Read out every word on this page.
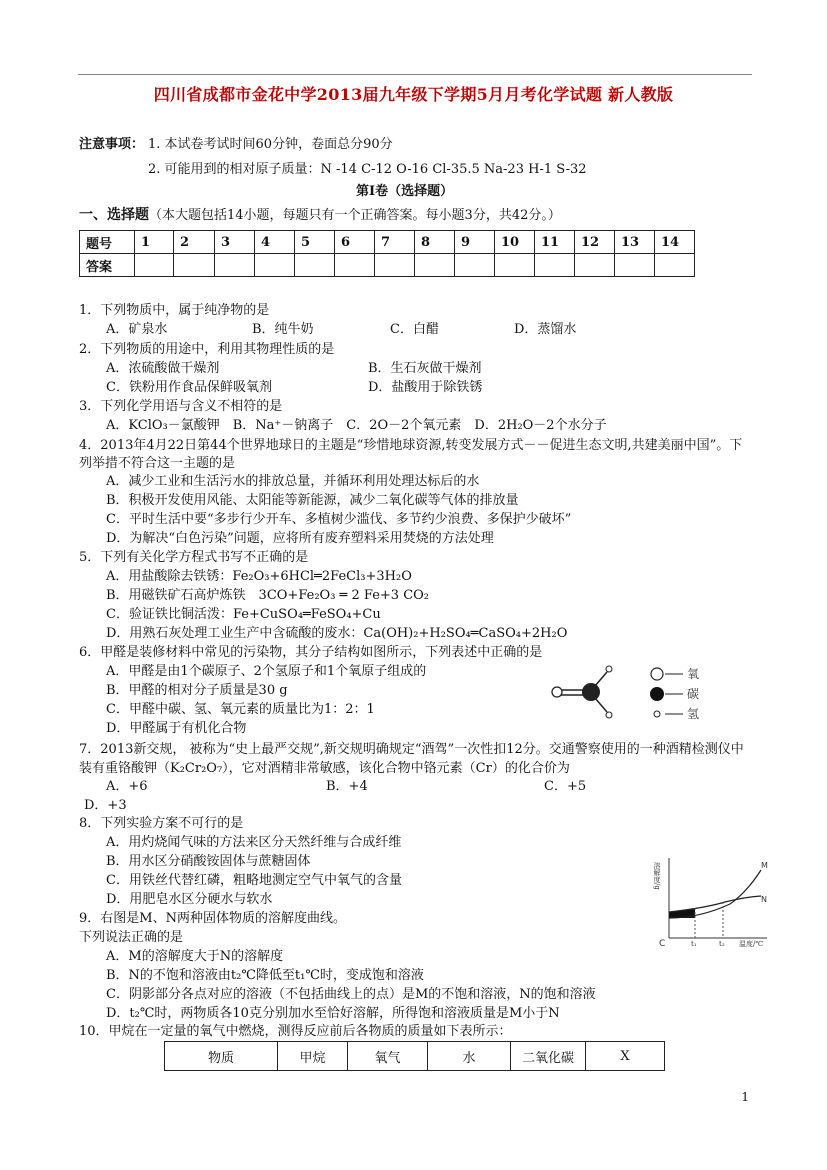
四川省成都市金花中学2013届九年级下学期5月月考化学试题 新人教版
注意事项： 1. 本试卷考试时间60分钟，卷面总分90分
2. 可能用到的相对原子质量：N -14 C-12 O-16 Cl-35.5 Na-23 H-1 S-32
第Ⅰ卷（选择题）
一、选择题（本大题包括14小题，每题只有一个正确答案。每小题3分，共42分。）
题号	1	2	3	4	5	6	7	8	9	10	11	12	13	14
答案														
1．下列物质中，属于纯净物的是
A．矿泉水	B．纯牛奶	C．白醋	D．蒸馏水
2．下列物质的用途中，利用其物理性质的是
A．浓硫酸做干燥剂	B．生石灰做干燥剂
C．铁粉用作食品保鲜吸氧剂	D．盐酸用于除铁锈
3．下列化学用语与含义不相符的是
A．KClO₃－氯酸钾　B．Na⁺－钠离子　C．2O－2个氧元素　D．2H₂O－2个水分子
4．2013年4月22日第44个世界地球日的主题是“珍惜地球资源,转变发展方式－－促进生态文明,共建美丽中国”。下列举措不符合这一主题的是
A．减少工业和生活污水的排放总量，并循环利用处理达标后的水
B．积极开发使用风能、太阳能等新能源，减少二氧化碳等气体的排放量
C．平时生活中要“多步行少开车、多植树少滥伐、多节约少浪费、多保护少破坏”
D．为解决“白色污染”问题，应将所有废弃塑料采用焚烧的方法处理
5．下列有关化学方程式书写不正确的是
A．用盐酸除去铁锈：Fe₂O₃+6HCl═2FeCl₃+3H₂O
B．用磁铁矿石高炉炼铁　3CO+Fe₂O₃ ═ 2 Fe+3 CO₂
C．验证铁比铜活泼：Fe+CuSO₄═FeSO₄+Cu
D．用熟石灰处理工业生产中含硫酸的废水：Ca(OH)₂+H₂SO₄═CaSO₄+2H₂O
6．甲醛是装修材料中常见的污染物，其分子结构如图所示，下列表述中正确的是
A．甲醛是由1个碳原子、2个氢原子和1个氧原子组成的
B．甲醛的相对分子质量是30 g
C．甲醛中碳、氢、氧元素的质量比为1：2：1
D．甲醛属于有机化合物
氧
碳
氢
7．2013新交规， 被称为“史上最严交规”,新交规明确规定“酒驾”一次性扣12分。交通警察使用的一种酒精检测仪中装有重铬酸钾（K₂Cr₂O₇），它对酒精非常敏感，该化合物中铬元素（Cr）的化合价为
A．+6	B．+4	C．+5
D．+3
8．下列实验方案不可行的是
A．用灼烧闻气味的方法来区分天然纤维与合成纤维
B．用水区分硝酸铵固体与蔗糖固体
C．用铁丝代替红磷，粗略地测定空气中氧气的含量
D．用肥皂水区分硬水与软水
9．右图是M、N两种固体物质的溶解度曲线。
下列说法正确的是
A．M的溶解度大于N的溶解度
B．N的不饱和溶液由t₂℃降低至t₁℃时，变成饱和溶液
C．阴影部分各点对应的溶液（不包括曲线上的点）是M的不饱和溶液，N的饱和溶液
D．t₂℃时，两物质各10克分别加水至恰好溶解，所得饱和溶液质量是M小于N
溶解度/g
C	t₁	t₂ 温度/℃
M
N
10．甲烷在一定量的氧气中燃烧，测得反应前后各物质的质量如下表所示：
物质	甲烷	氧气	水	二氧化碳	X
1
